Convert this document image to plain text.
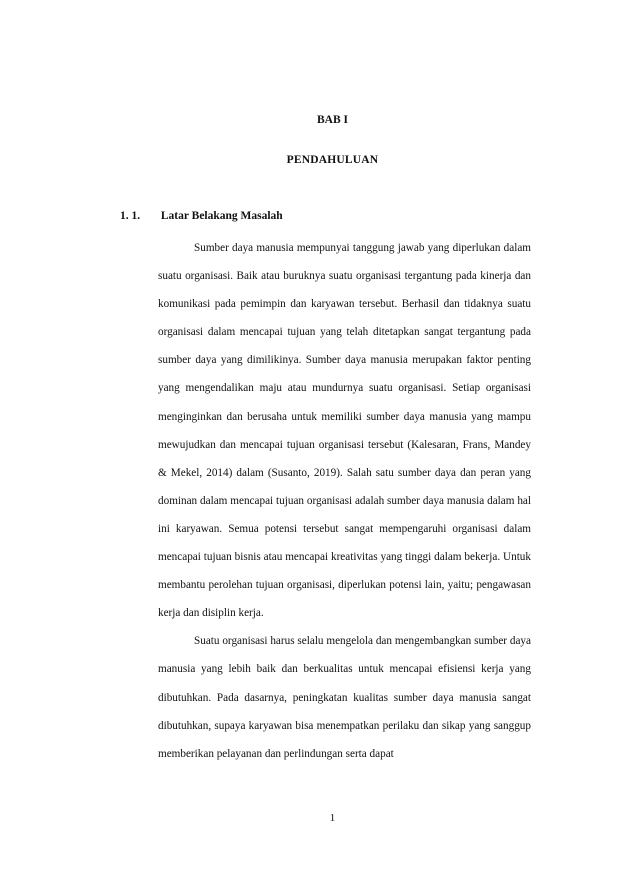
BAB I
PENDAHULUAN
1. 1. Latar Belakang Masalah

Sumber daya manusia mempunyai tanggung jawab yang diperlukan dalam suatu organisasi. Baik atau buruknya suatu organisasi tergantung pada kinerja dan komunikasi pada pemimpin dan karyawan tersebut. Berhasil dan tidaknya suatu organisasi dalam mencapai tujuan yang telah ditetapkan sangat tergantung pada sumber daya yang dimilikinya. Sumber daya manusia merupakan faktor penting yang mengendalikan maju atau mundurnya suatu organisasi. Setiap organisasi menginginkan dan berusaha untuk memiliki sumber daya manusia yang mampu mewujudkan dan mencapai tujuan organisasi tersebut (Kalesaran, Frans, Mandey & Mekel, 2014) dalam (Susanto, 2019). Salah satu sumber daya dan peran yang dominan dalam mencapai tujuan organisasi adalah sumber daya manusia dalam hal ini karyawan. Semua potensi tersebut sangat mempengaruhi organisasi dalam mencapai tujuan bisnis atau mencapai kreativitas yang tinggi dalam bekerja. Untuk membantu perolehan tujuan organisasi, diperlukan potensi lain, yaitu; pengawasan kerja dan disiplin kerja.

Suatu organisasi harus selalu mengelola dan mengembangkan sumber daya manusia yang lebih baik dan berkualitas untuk mencapai efisiensi kerja yang dibutuhkan. Pada dasarnya, peningkatan kualitas sumber daya manusia sangat dibutuhkan, supaya karyawan bisa menempatkan perilaku dan sikap yang sanggup memberikan pelayanan dan perlindungan serta dapat

1
